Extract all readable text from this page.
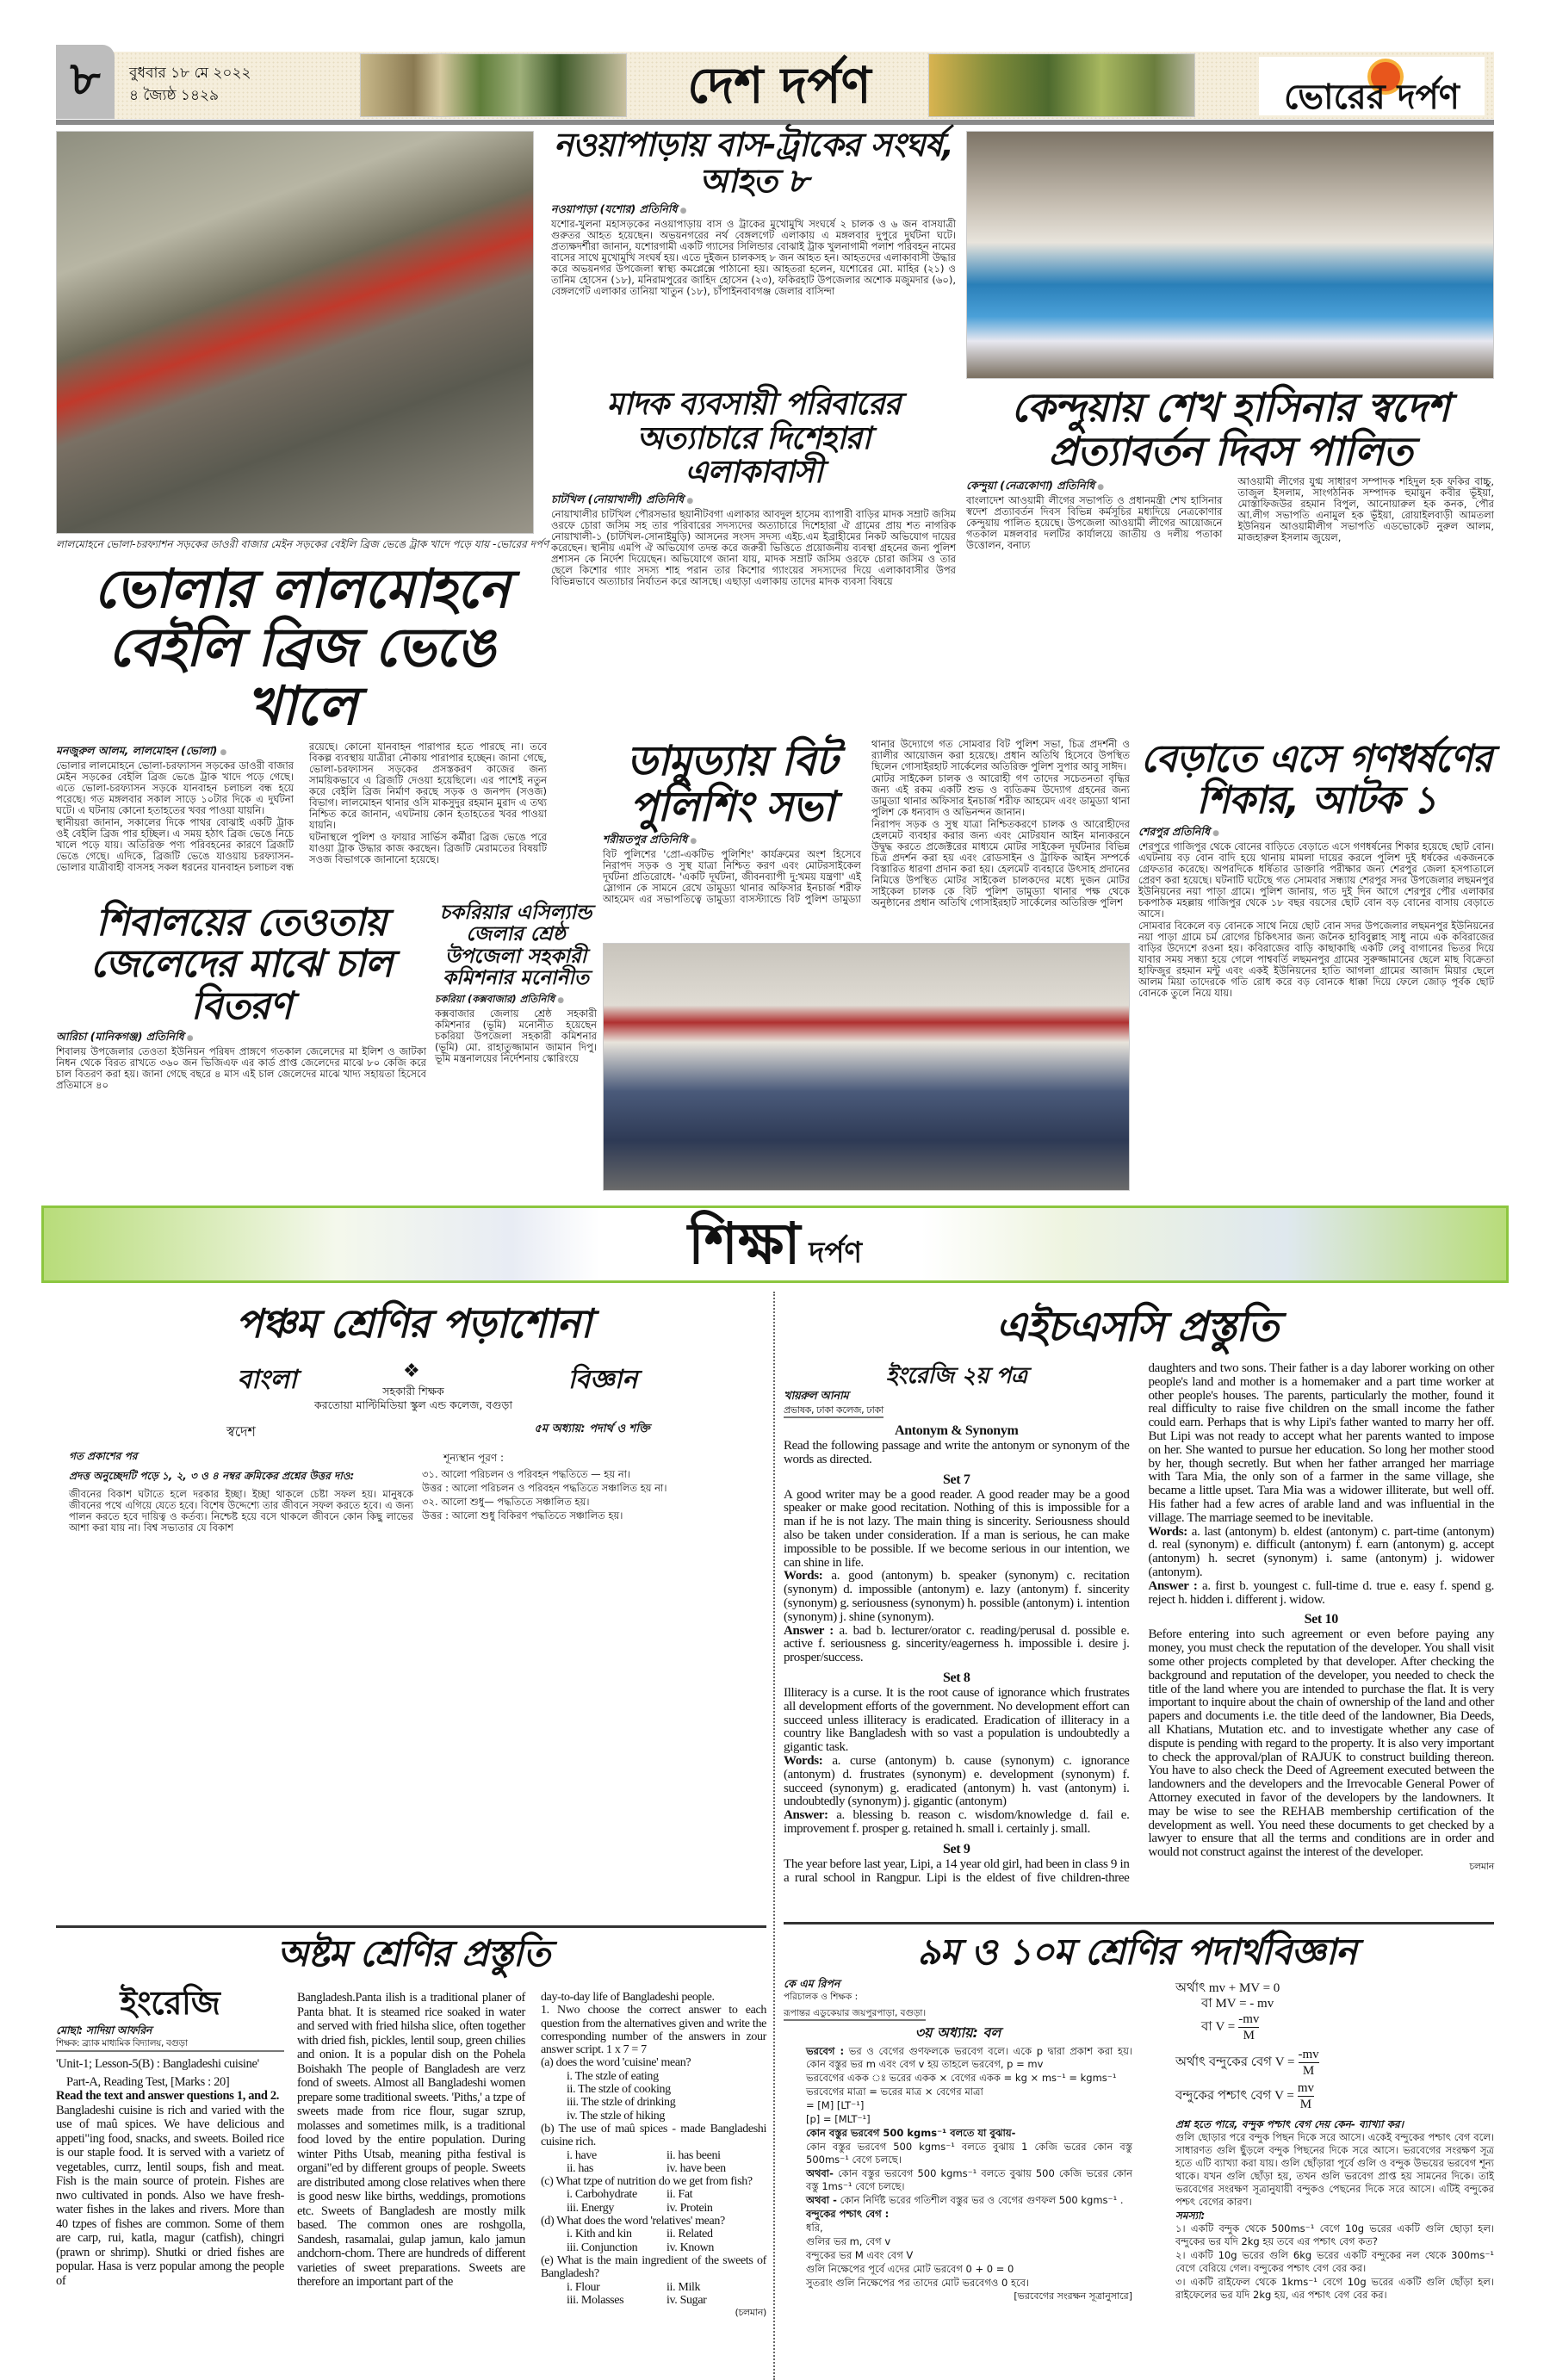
৮ বুধবার ১৮ মে ২০২২
৪ জ্যৈষ্ঠ ১৪২৯	দেশ দর্পণ	ভোরের দর্পণ
লালমোহনে ভোলা-চরফ্যাশন সড়কের ডাওরী বাজার মেইন সড়কের বেইলি ব্রিজ ভেঙে ট্রাক খাদে পড়ে যায় -ভোরের দর্পণ
নওয়াপাড়ায় বাস-ট্রাকের সংঘর্ষ, আহত ৮
নওয়াপাড়া (যশোর) প্রতিনিধি ●

যশোর-খুলনা মহাসড়কের নওয়াপাড়ায় বাস ও ট্রাকের মুখোমুখি সংঘর্ষে ২ চালক ও ৬ জন বাসযাত্রী গুরুতর আহত হয়েছেন। অভয়নগরের নর্থ বেঙ্গলগেট এলাকায় এ মঙ্গলবার দুপুরে দুর্ঘটনা ঘটে। প্রত্যক্ষদর্শীরা জানান, যশোরগামী একটি গ্যাসের সিলিন্ডার বোঝাই ট্রাক খুলনাগামী পলাশ পরিবহন নামের বাসের সাথে মুখোমুখি সংঘর্ষ হয়। এতে দুইজন চালকসহ ৮ জন আহত হন। আহতদের এলাকাবাসী উদ্ধার করে অভয়নগর উপজেলা স্বাস্থ্য কমপ্লেক্সে পাঠানো হয়। আহতরা হলেন, যশোরের মো. মাহির (২১) ও তানিম হোসেন (১৮), মনিরামপুরের জাহিদ হোসেন (২৩), ফকিরহাট উপজেলার অশোক মজুমদার (৬০), বেঙ্গলগেট এলাকার তানিয়া খাতুন (১৮), চাঁপাইনবাবগঞ্জ জেলার বাসিন্দা

মাদক ব্যবসায়ী পরিবারের অত্যাচারে দিশেহারা এলাকাবাসী
চাটখিল (নোয়াখালী) প্রতিনিধি ●

নোয়াখালীর চাটখিল পৌরসভার ছয়ানীটবগা এলাকার আবদুল হাসেম ব্যাপারী বাড়ির মাদক সম্রাট জসিম ওরফে চোরা জসিম সহ তার পরিবারের সদস্যদের অত্যাচারে দিশেহারা ঐ গ্রামের প্রায় শত নাগরিক নোয়াখালী-১ (চাটখিল-সোনাইমুড়ি) আসনের সংসদ সদস্য এইচ.এম ইব্রাহীমের নিকট অভিযোগ দায়ের করেছেন। স্থানীয় এমপি ঐ অভিযোগ তদন্ত করে জরুরী ভিত্তিতে প্রয়োজনীয় ব্যবস্থা গ্রহনের জন্য পুলিশ প্রশাসন কে নির্দেশ দিয়েছেন। অভিযোগে জানা যায়, মাদক সম্রাট জসিম ওরফে চোরা জসিম ও তার ছেলে কিশোর গ্যাং সদস্য শাহ পরান তার কিশোর গ্যাংয়ের সদস্যদের দিয়ে এলাকাবাসীর উপর বিভিন্নভাবে অত্যাচার নির্যাতন করে আসছে। এছাড়া এলাকায় তাদের মাদক ব্যবসা বিষয়ে

কেন্দুয়ায় শেখ হাসিনার স্বদেশ প্রত্যাবর্তন দিবস পালিত
কেন্দুয়া (নেত্রকোণা) প্রতিনিধি ●

বাংলাদেশ আওয়ামী লীগের সভাপতি ও প্রধানমন্ত্রী শেখ হাসিনার স্বদেশ প্রত্যাবর্তন দিবস বিভিন্ন কর্মসূচির মধ্যদিয়ে নেত্রকোণার কেন্দুয়ায় পালিত হয়েছে। উপজেলা আওয়ামী লীগের আয়োজনে গতকাল মঙ্গলবার দলটির কার্যালয়ে জাতীয় ও দলীয় পতাকা উত্তোলন, বনাঢ্য

আওয়ামী লীগের যুগ্ম সাধারণ সম্পাদক শহিদুল হক ফকির বাচ্চু, তাজুল ইসলাম, সাংগঠনিক সম্পাদক হুমায়ুন কবীর ভূঁইয়া, মোস্তাফিজউর রহমান বিপুল, আনোয়ারুল হক কনক, পৌর আ.লীগ সভাপতি এনামুল হক ভূঁইয়া, রোয়াইলবাড়ী আমতলা ইউনিয়ন আওয়ামীলীগ সভাপতি এডভোকেট নুরুল আলম, মাজহারুল ইসলাম জুয়েল,

ভোলার লালমোহনে বেইলি ব্রিজ ভেঙে খালে
মনজুরুল আলম, লালমোহন (ভোলা) ●

ভোলার লালমোহনে ভোলা-চরফ্যাসন সড়কের ডাওরী বাজার মেইন সড়কের বেইলি ব্রিজ ভেঙে ট্রাক খাদে পড়ে গেছে। এতে ভোলা-চরফ্যাসন সড়কে যানবাহন চলাচল বন্ধ হয়ে পরেছে। গত মঙ্গলবার সকাল সাড়ে ১০টার দিকে এ দুর্ঘটনা ঘটে। এ ঘটনায় কোনো হতাহতের খবর পাওয়া যায়নি।

স্থানীয়রা জানান, সকালের দিকে পাথর বোঝাই একটি ট্রাক ওই বেইলি ব্রিজ পার হচ্ছিল। এ সময় হঠাৎ ব্রিজ ভেঙে নিচে খালে পড়ে যায়। অতিরিক্ত পণ্য পরিবহনের কারণে ব্রিজটি ভেঙে গেছে। এদিকে, ব্রিজটি ভেঙে যাওয়ায় চরফ্যাসন-ভোলার যাত্রীবাহী বাসসহ সকল ধরনের যানবাহন চলাচল বন্ধ রয়েছে। কোনো যানবাহন পারাপার হতে পারছে না। তবে বিকল্প ব্যবস্থায় যাত্রীরা নৌকায় পারাপার হচ্ছেন। জানা গেছে, ভোলা-চরফ্যাসন সড়কের প্রসস্তকরণ কাজের জন্য সাময়িকভাবে এ ব্রিজটি দেওয়া হয়েছিলে। এর পাশেই নতুন করে বেইলি ব্রিজ নির্মাণ করছে সড়ক ও জনপদ (সওজ) বিভাগ। লালমোহন থানার ওসি মাকসুদুর রহমান মুরাদ এ তথ্য নিশ্চিত করে জানান, এঘটনায় কোন হতাহতের খবর পাওয়া যায়নি।

ঘটনাস্থলে পুলিশ ও ফায়ার সার্ভিস কর্মীরা ব্রিজ ভেঙে পরে যাওয়া ট্রাক উদ্ধার কাজ করছেন। ব্রিজটি মেরামতের বিষয়টি সওজ বিভাগকে জানানো হয়েছে।

শিবালয়ের তেওতায় জেলেদের মাঝে চাল বিতরণ
আরিচা (মানিকগঞ্জ) প্রতিনিধি ●

শিবালয় উপজেলার তেওতা ইউনিয়ন পরিষদ প্রাঙ্গণে গতকাল জেলেদের মা ইলিশ ও জাটকা নিধন থেকে বিরত রাখতে ৩৬০ জন ভিজিএফ এর কার্ড প্রাপ্ত জেলেদের মাঝে ৮০ কেজি করে চাল বিতরণ করা হয়। জানা গেছে বছরে ৪ মাস এই চাল জেলেদের মাঝে খাদ্য সহায়তা হিসেবে প্রতিমাসে ৪০

চকরিয়ার এসিল্যান্ড জেলার শ্রেষ্ঠ উপজেলা সহকারী কমিশনার মনোনীত
চকরিয়া (কক্সবাজার) প্রতিনিধি ●

কক্সবাজার জেলায় শ্রেষ্ঠ সহকারী কমিশনার (ভূমি) মনোনীত হয়েছেন চকরিয়া উপজেলা সহকারী কমিশনার (ভূমি) মো. রাহাতুজ্জামান জামান দিপু। ভূমি মন্ত্রনালয়ের নির্দেশনায় স্কোরিংয়ে

ডামুড্যায় বিট পুলিশিং সভা
শরীয়তপুর প্রতিনিধি ●

বিট পুলিশের 'প্রো-একটিভ পুলিশিং' কার্যক্রমের অংশ হিসেবে নিরাপদ সড়ক ও সুস্থ যাত্রা নিশ্চিত করণ এবং মোটরসাইকেল দূর্ঘটনা প্রতিরোধে- 'একটি দূর্ঘটনা, জীবনব্যাপী দু:খময় যন্ত্রণা' এই স্লোগান কে সামনে রেখে ডামুড্যা থানার অফিসার ইনচার্জ শরীফ আহমেদ এর সভাপতিত্বে ডামুড্যা বাসস্ট্যান্ডে বিট পুলিশ ডামুড্যা থানার উদ্যোগে গত সোমবার বিট পুলিশ সভা, চিত্র প্রদর্শনী ও র‍্যালীর আয়োজন করা হয়েছে। প্রধান অতিথি হিসেবে উপস্থিত ছিলেন গোসাইরহাট সার্কেলের অতিরিক্ত পুলিশ সুপার আবু সাঈদ।

মোটর সাইকেল চালক ও আরোহী গণ তাদের সচেতনতা বৃদ্ধির জন্য এই রকম একটি শুভ ও ব্যতিক্রম উদ্যোগ গ্রহনের জন্য ডামুড্যা থানার অফিসার ইনচার্জ শরীফ আহমেদ এবং ডামুড্যা থানা পুলিশ কে ধন্যবাদ ও অভিনন্দন জানান।

নিরাপদ সড়ক ও সুস্থ যাত্রা নিশ্চিতকরণে চালক ও আরোহীদের হেলমেট ব্যবহার করার জন্য এবং মোটরযান আইন মান্যকরনে উদ্বুদ্ধ করতে প্রজেক্টরের মাধ্যমে মোটর সাইকেল দূর্ঘটনার বিভিন্ন চিত্র প্রদর্শন করা হয় এবং রোডসাইন ও ট্রাফিক আইন সম্পর্কে বিস্তারিত ধারণা প্রদান করা হয়। হেলমেট ব্যবহারে উৎসাহ প্রদানের নিমিত্তে উপস্থিত মোটর সাইকেল চালকদের মধ্যে দুজন মোটর সাইকেল চালক কে বিট পুলিশ ডামুড্যা থানার পক্ষ থেকে অনুষ্ঠানের প্রধান অতিথি গোসাইরহাট সার্কেলের অতিরিক্ত পুলিশ

বেড়াতে এসে গণধর্ষণের শিকার, আটক ১
শেরপুর প্রতিনিধি ●

শেরপুরে গাজিপুর থেকে বোনের বাড়িতে বেড়াতে এসে গণধর্ষনের শিকার হয়েছে ছোট বোন। এঘটনায় বড় বোন বাদি হয়ে থানায় মামলা দায়ের করলে পুলিশ দুই ধর্ষকের একজনকে গ্রেফতার করেছে। অপরদিকে ধর্ষিতার ডাক্তারি পরীক্ষার জন্য শেরপুর জেলা হসপাতালে প্রেরণ করা হয়েছে। ঘটনাটি ঘটেছে গত সোমবার সন্ধ্যায় শেরপুর সদর উপজেলার লছমনপুর ইউনিয়নের নয়া পাড়া গ্রামে। পুলিশ জানায়, গত দুই দিন আগে শেরপুর পৌর এলাকার চকপাঠক মহল্লায় গাজিপুর থেকে ১৮ বছর বয়সের ছোট বোন বড় বোনের বাসায় বেড়াতে আসে।

সোমবার বিকেলে বড় বোনকে সাথে নিয়ে ছোট বোন সদর উপজেলার লছমনপুর ইউনিয়নের নয়া পাড়া গ্রামে চর্ম রোগের চিকিৎসার জন্য জনৈক হাবিবুল্লাহ সাধু নামে এক কবিরাজের বাড়ির উদ্যেশে রওনা হয়। কবিরাজের বাড়ি কাছাকাছি একটি লেবু বাগানের ভিতর দিয়ে যাবার সময় সন্ধ্যা হয়ে গেলে পাশ্ববর্তি লছমনপুর গ্রামের সুরুজ্জামানের ছেলে মাছ বিক্রেতা হাফিজুর রহমান মন্টু এবং একই ইউনিয়নের হাতি আগলা গ্রামের আজাদ মিয়ার ছেলে আলম মিয়া তাদেরকে গতি রোধ করে বড় বোনকে ধাক্কা দিয়ে ফেলে জোড় পূর্বক ছোট বোনকে তুলে নিয়ে যায়।

শিক্ষা দর্পণ
পঞ্চম শ্রেণির পড়াশোনা
বাংলা	❖	বিজ্ঞান
সহকারী শিক্ষক
করতোয়া মাল্টিমিডিয়া স্কুল এন্ড কলেজ, বগুড়া
স্বদেশ
গত প্রকাশের পর
প্রদত্ত অনুচ্ছেদটি পড়ে ১, ২, ৩ ও ৪ নম্বর ক্রমিকের প্রশ্নের উত্তর দাও:

জীবনের বিকাশ ঘটাতে হলে দরকার ইচ্ছা। ইচ্ছা থাকলে চেষ্টা সফল হয়। মানুষকে জীবনের পথে এগিয়ে যেতে হবে। বিশেষ উদ্দেশ্যে তার জীবনে সফল করতে হবে। এ জন্য পালন করতে হবে দায়িত্ব ও কর্তব্য। নিশ্চেষ্ট হয়ে বসে থাকলে জীবনে কোন কিছু লাভের আশা করা যায় না। বিশ্ব সভ্যতার যে বিকাশ

৫ম অধ্যায়: পদার্থ ও শক্তি
শূন্যস্থান পূরণ :

৩১. আলো পরিচলন ও পরিবহন পদ্ধতিতে — হয় না।

উত্তর : আলো পরিচলন ও পরিবহন পদ্ধতিতে সঞ্চালিত হয় না।

৩২. আলো শুধু— পদ্ধতিতে সঞ্চালিত হয়।

উত্তর : আলো শুধু বিকিরণ পদ্ধতিতে সঞ্চালিত হয়।

এইচএসসি প্রস্তুতি
ইংরেজি ২য় পত্র
খায়রুল আনাম
প্রভাষক, ঢাকা কলেজ, ঢাকা
Antonym & Synonym

Read the following passage and write the antonym or synonym of the words as directed.

Set 7

A good writer may be a good reader. A good reader may be a good speaker or make good recitation. Nothing of this is impossible for a man if he is not lazy. The main thing is sincerity. Seriousness should also be taken under consideration. If a man is serious, he can make impossible to be possible. If we become serious in our intention, we can shine in life.

Words: a. good (antonym) b. speaker (synonym) c. recitation (synonym) d. impossible (antonym) e. lazy (antonym) f. sincerity (synonym) g. seriousness (synonym) h. possible (antonym) i. intention (synonym) j. shine (synonym).

Answer : a. bad b. lecturer/orator c. reading/perusal d. possible e. active f. seriousness g. sincerity/eagerness h. impossible i. desire j. prosper/success.

Set 8

Illiteracy is a curse. It is the root cause of ignorance which frustrates all development efforts of the government. No development effort can succeed unless illiteracy is eradicated. Eradication of illiteracy in a country like Bangladesh with so vast a population is undoubtedly a gigantic task.

Words: a. curse (antonym) b. cause (synonym) c. ignorance (antonym) d. frustrates (synonym) e. development (synonym) f. succeed (synonym) g. eradicated (antonym) h. vast (antonym) i. undoubtedly (synonym) j. gigantic (antonym)

Answer: a. blessing b. reason c. wisdom/knowledge d. fail e. improvement f. prosper g. retained h. small i. certainly j. small.

Set 9

The year before last year, Lipi, a 14 year old girl, had been in class 9 in a rural school in Rangpur. Lipi is the eldest of five children-three daughters and two sons. Their father is a day laborer working on other people's land and mother is a homemaker and a part time worker at other people's houses. The parents, particularly the mother, found it real difficulty to raise five children on the small income the father could earn. Perhaps that is why Lipi's father wanted to marry her off. But Lipi was not ready to accept what her parents wanted to impose on her. She wanted to pursue her education. So long her mother stood by her, though secretly. But when her father arranged her marriage with Tara Mia, the only son of a farmer in the same village, she became a little upset. Tara Mia was a widower illiterate, but well off. His father had a few acres of arable land and was influential in the village. The marriage seemed to be inevitable.

Words: a. last (antonym) b. eldest (antonym) c. part-time (antonym) d. real (synonym) e. difficult (antonym) f. earn (antonym) g. accept (antonym) h. secret (synonym) i. same (antonym) j. widower (antonym).

Answer : a. first b. youngest c. full-time d. true e. easy f. spend g. reject h. hidden i. different j. widow.

Set 10

Before entering into such agreement or even before paying any money, you must check the reputation of the developer. You shall visit some other projects completed by that developer. After checking the background and reputation of the developer, you needed to check the title of the land where you are intended to purchase the flat. It is very important to inquire about the chain of ownership of the land and other papers and documents i.e. the title deed of the landowner, Bia Deeds, all Khatians, Mutation etc. and to investigate whether any case of dispute is pending with regard to the property. It is also very important to check the approval/plan of RAJUK to construct building thereon. You have to also check the Deed of Agreement executed between the landowners and the developers and the Irrevocable General Power of Attorney executed in favor of the developers by the landowners. It may be wise to see the REHAB membership certification of the development as well. You need these documents to get checked by a lawyer to ensure that all the terms and conditions are in order and would not construct against the interest of the developer.

চলমান
অষ্টম শ্রেণির প্রস্তুতি
ইংরেজি
মোছা: সাদিয়া আফরিন
শিক্ষক: ব্র্যাক মাধ্যমিক বিদ্যালয়, বগুড়া

'Unit-1; Lesson-5(B) : Bangladeshi cuisine'

Part-A, Reading Test, [Marks : 20]

Read the text and answer questions 1, and 2.

Bangladeshi cuisine is rich and varied with the use of maû spices. We have delicious and appeti"ing food, snacks, and sweets. Boiled rice is our staple food. It is served with a varietz of vegetables, currz, lentil soups, fish and meat. Fish is the main source of protein. Fishes are nwo cultivated in ponds. Also we have fresh-water fishes in the lakes and rivers. More than 40 tzpes of fishes are common. Some of them are carp, rui, katla, magur (catfish), chingri (prawn or shrimp). Shutki or dried fishes are popular. Hasa is verz popular among the people of

Bangladesh.Panta ilish is a traditional planer of Panta bhat. It is steamed rice soaked in water and served with fried hilsha slice, often together with dried fish, pickles, lentil soup, green chilies and onion. It is a popular dish on the Pohela Boishakh The people of Bangladesh are verz fond of sweets. Almost all Bangladeshi women prepare some traditional sweets. 'Piths,' a tzpe of sweets made from rice flour, sugar szrup, molasses and sometimes milk, is a traditional food loved by the entire population. During winter Piths Utsab, meaning pitha festival is organi"ed by different groups of people. Sweets are distributed among close relatives when there is good nesw like births, weddings, promotions etc. Sweets of Bangladesh are mostly milk based. The common ones are roshgolla, Sandesh, rasamalai, gulap jamun, kalo jamun andchorn-chom. There are hundreds of different varieties of sweet preparations. Sweets are therefore an important part of the

day-to-day life of Bangladeshi people.

1. Nwo choose the correct answer to each question from the alternatives given and write the corresponding number of the answers in zour answer script. 1 x 7 = 7

(a) does the word 'cuisine' mean?
i. The stzle of eating
ii. The stzle of cooking
iii. The stzle of drinking
iv. The stzle of hiking
(b) The use of maû spices - made Bangladeshi cuisine rich.
i. have	ii. has beeni
ii. has	iv. have been
(c) What tzpe of nutrition do we get from fish?
i. Carbohydrate	ii. Fat
iii. Energy	iv. Protein
(d) What does the word 'relatives' mean?
i. Kith and kin	ii. Related
iii. Conjunction	iv. Known
(e) What is the main ingredient of the sweets of Bangladesh?
i. Flour	ii. Milk
iii. Molasses	iv. Sugar
(চলমান)
৯ম ও ১০ম শ্রেণির পদার্থবিজ্ঞান
কে এম রিপন
পরিচালক ও শিক্ষক :
রূপান্তর এডুকেয়ার জয়পুরপাড়া, বগুড়া।
৩য় অধ্যায়: বল

ভরবেগ : ভর ও বেগের গুণফলকে ভরবেগ বলে। একে p দ্বারা প্রকাশ করা হয়। কোন বস্তুর ভর m এবং বেগ v হয় তাহলে ভরবেগ, p = mv

ভরবেগের একক ঃ ভরের একক × বেগের একক = kg × ms⁻¹ = kgms⁻¹

ভরবেগের মাত্রা = ভরের মাত্র × বেগের মাত্রা

= [M] [LT⁻¹]

[p] = [MLT⁻¹]

কোন বস্তুর ভরবেগ 500 kgms⁻¹ বলতে যা বুঝায়-

কোন বস্তুর ভরবেগ 500 kgms⁻¹ বলতে বুঝায় 1 কেজি ভরের কোন বস্তু 500ms⁻¹ বেগে চলছে।

অথবা- কোন বস্তুর ভরবেগ 500 kgms⁻¹ বলতে বুঝায় 500 কেজি ভরের কোন বস্তু 1ms⁻¹ বেগে চলছে।

অথবা - কোন নির্দিষ্ট ভরের গতিশীল বস্তুর ভর ও বেগের গুণফল 500 kgms⁻¹ .

বন্দুকের পশ্চাৎ বেগ :

ধরি,

গুলির ভর m, বেগ v

বন্দুকের ভর M এবং বেগ V

গুলি নিক্ষেপের পূর্বে এদের মোট ভরবেগ 0 + 0 = 0

সুতরাং গুলি নিক্ষেপের পর তাদের মোট ভরবেগও 0 হবে।

[ভরবেগের সংরক্ষন সূত্রানুসারে]
অর্থাৎ mv + MV = 0
বা MV = - mv
বা $V = \frac{-mv}{M}$
অর্থাৎ বন্দুকের বেগ $V = \frac{-mv}{M}$
বন্দুকের পশ্চাৎ বেগ $V = \frac{mv}{M}$
প্রশ্ন হতে পারে, বন্দুক পশ্চাৎ বেগ দেয় কেন- ব্যাখ্যা কর।
গুলি ছোড়ার পরে বন্দুক পিছন দিকে সরে আসে। একেই বন্দুকের পশ্চাৎ বেগ বলে। সাধারণত গুলি ছুঁড়লে বন্দুক পিছনের দিকে সরে আসে। ভরবেগের সংরক্ষণ সূত্র হতে এটি ব্যাখ্যা করা যায়। গুলি ছোঁড়ারা পূর্বে গুলি ও বন্দুক উভয়ের ভরবেগ শূন্য থাকে। যখন গুলি ছোঁড়া হয়, তখন গুলি ভরবেগ প্রাপ্ত হয় সামনের দিকে। তাই ভরবেগের সংরক্ষণ সূত্রানুযায়ী বন্দুকও পেছনের দিকে সরে আসে। এটিই বন্দুকের পশ্চৎ বেগের কারণ।
সমস্যা:

১। একটি বন্দুক থেকে 500ms⁻¹ বেগে 10g ভরের একটি গুলি ছোড়া হল। বন্দুকের ভর যদি 2kg হয় তবে এর পশ্চাৎ বেগ কত?

২। একটি 10g ভরের গুলি 6kg ভরের একটি বন্দুকের নল থেকে 300ms⁻¹ বেগে বেরিয়ে গেল। বন্দুকের পশ্চাৎ বেগ বের কর।

৩। একটি রাইফেল থেকে 1kms⁻¹ বেগে 10g ভরের একটি গুলি ছোঁড়া হল। রাইফেলের ভর যদি 2kg হয়, এর পশ্চাৎ বেগ বের কর।
